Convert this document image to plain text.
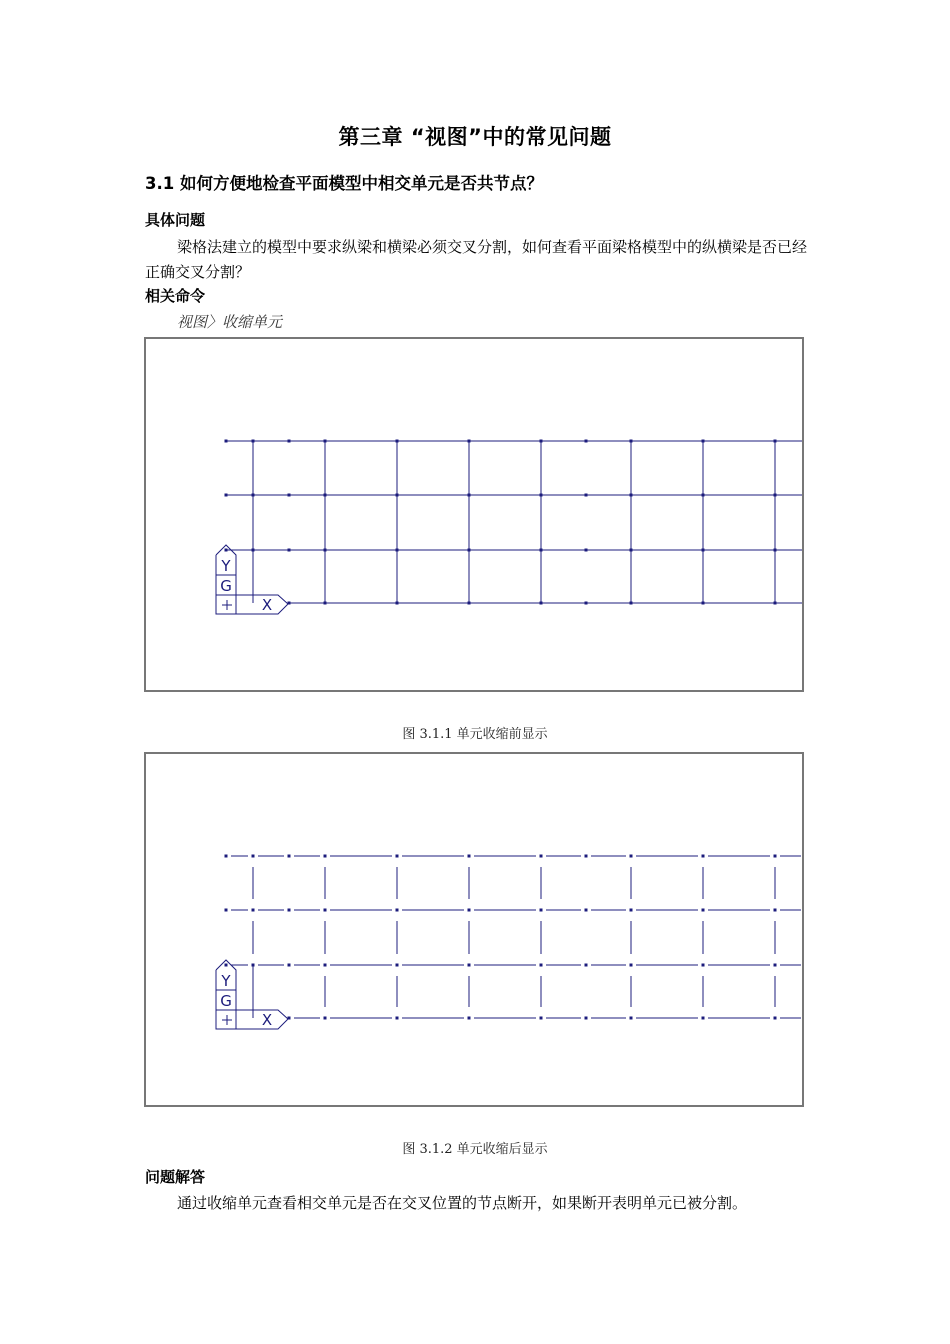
第三章 “视图”中的常见问题
3.1 如何方便地检查平面模型中相交单元是否共节点？
具体问题
梁格法建立的模型中要求纵梁和横梁必须交叉分割，如何查看平面梁格模型中的纵横梁是否已经正确交叉分割？
相关命令
视图〉收缩单元
Y
G
X
图 3.1.1 单元收缩前显示
Y
G
X
图 3.1.2 单元收缩后显示
问题解答
通过收缩单元查看相交单元是否在交叉位置的节点断开，如果断开表明单元已被分割。
